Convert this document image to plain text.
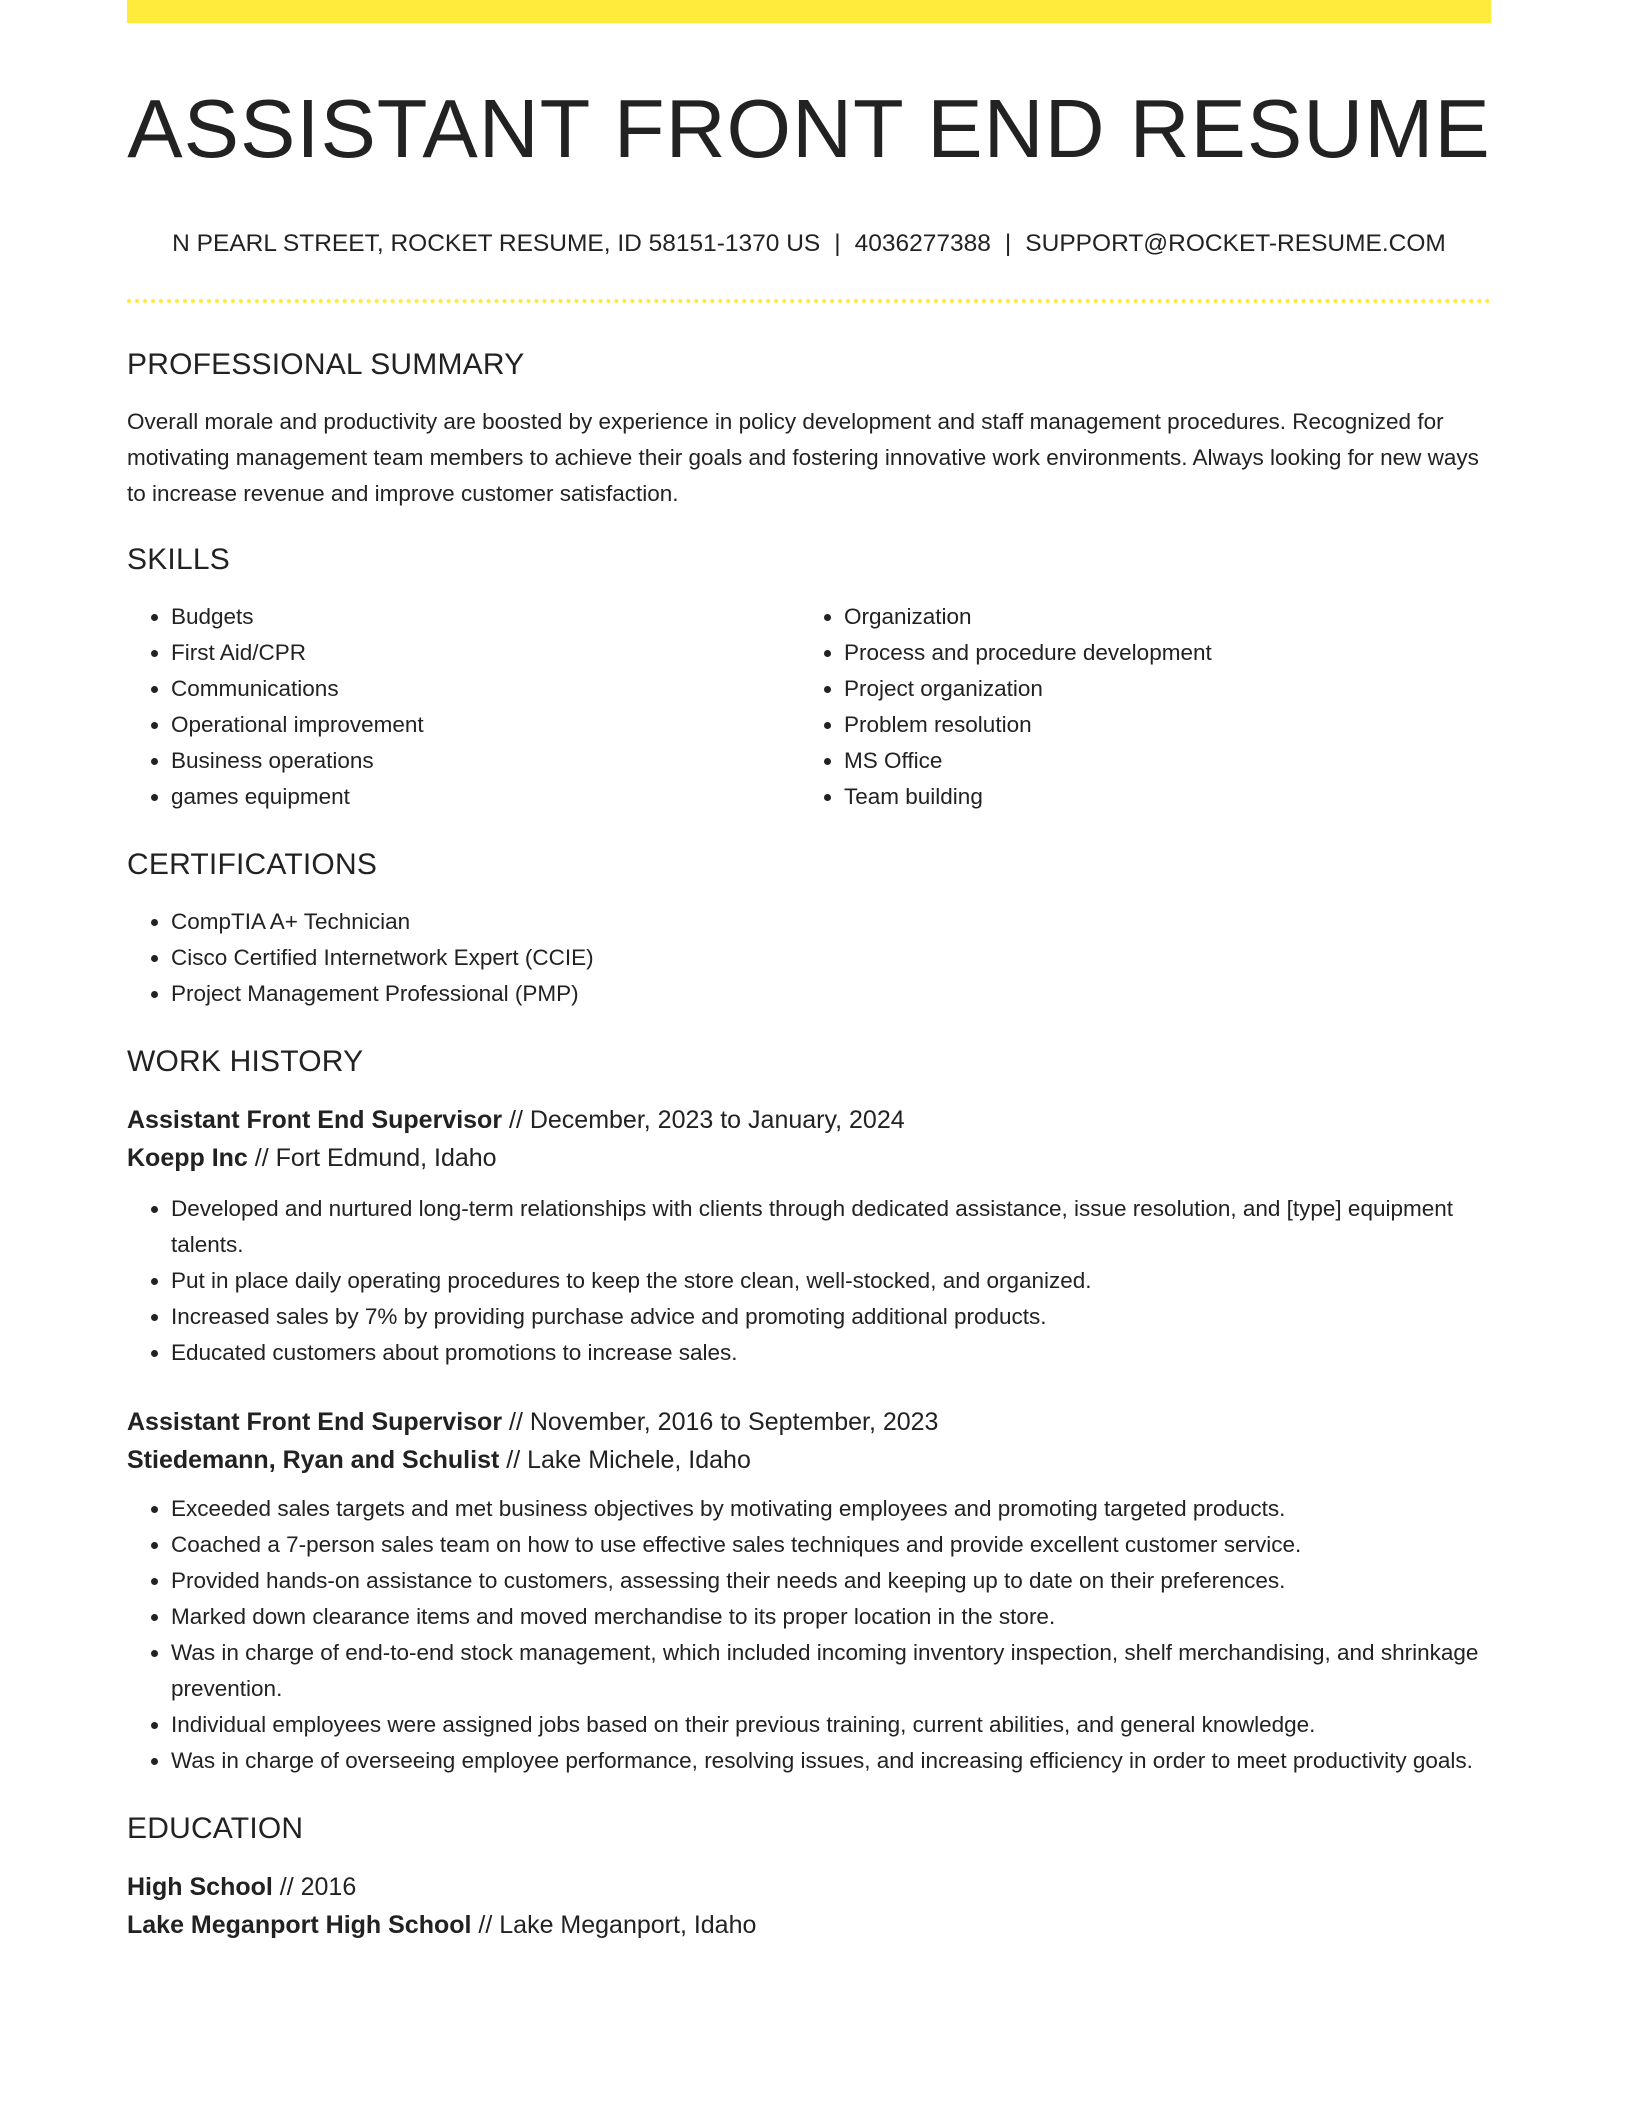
ASSISTANT FRONT END RESUME
N PEARL STREET, ROCKET RESUME, ID 58151-1370 US | 4036277388 | SUPPORT@ROCKET-RESUME.COM
PROFESSIONAL SUMMARY

Overall morale and productivity are boosted by experience in policy development and staff management procedures. Recognized for motivating management team members to achieve their goals and fostering innovative work environments. Always looking for new ways to increase revenue and improve customer satisfaction.

SKILLS
• Budgets
• First Aid/CPR
• Communications
• Operational improvement
• Business operations
• games equipment
• Organization
• Process and procedure development
• Project organization
• Problem resolution
• MS Office
• Team building
CERTIFICATIONS
• CompTIA A+ Technician
• Cisco Certified Internetwork Expert (CCIE)
• Project Management Professional (PMP)
WORK HISTORY
Assistant Front End Supervisor // December, 2023 to January, 2024
Koepp Inc // Fort Edmund, Idaho
• Developed and nurtured long-term relationships with clients through dedicated assistance, issue resolution, and [type] equipment talents.
• Put in place daily operating procedures to keep the store clean, well-stocked, and organized.
• Increased sales by 7% by providing purchase advice and promoting additional products.
• Educated customers about promotions to increase sales.
Assistant Front End Supervisor // November, 2016 to September, 2023
Stiedemann, Ryan and Schulist // Lake Michele, Idaho
• Exceeded sales targets and met business objectives by motivating employees and promoting targeted products.
• Coached a 7-person sales team on how to use effective sales techniques and provide excellent customer service.
• Provided hands-on assistance to customers, assessing their needs and keeping up to date on their preferences.
• Marked down clearance items and moved merchandise to its proper location in the store.
• Was in charge of end-to-end stock management, which included incoming inventory inspection, shelf merchandising, and shrinkage prevention.
• Individual employees were assigned jobs based on their previous training, current abilities, and general knowledge.
• Was in charge of overseeing employee performance, resolving issues, and increasing efficiency in order to meet productivity goals.
EDUCATION
High School // 2016
Lake Meganport High School // Lake Meganport, Idaho
